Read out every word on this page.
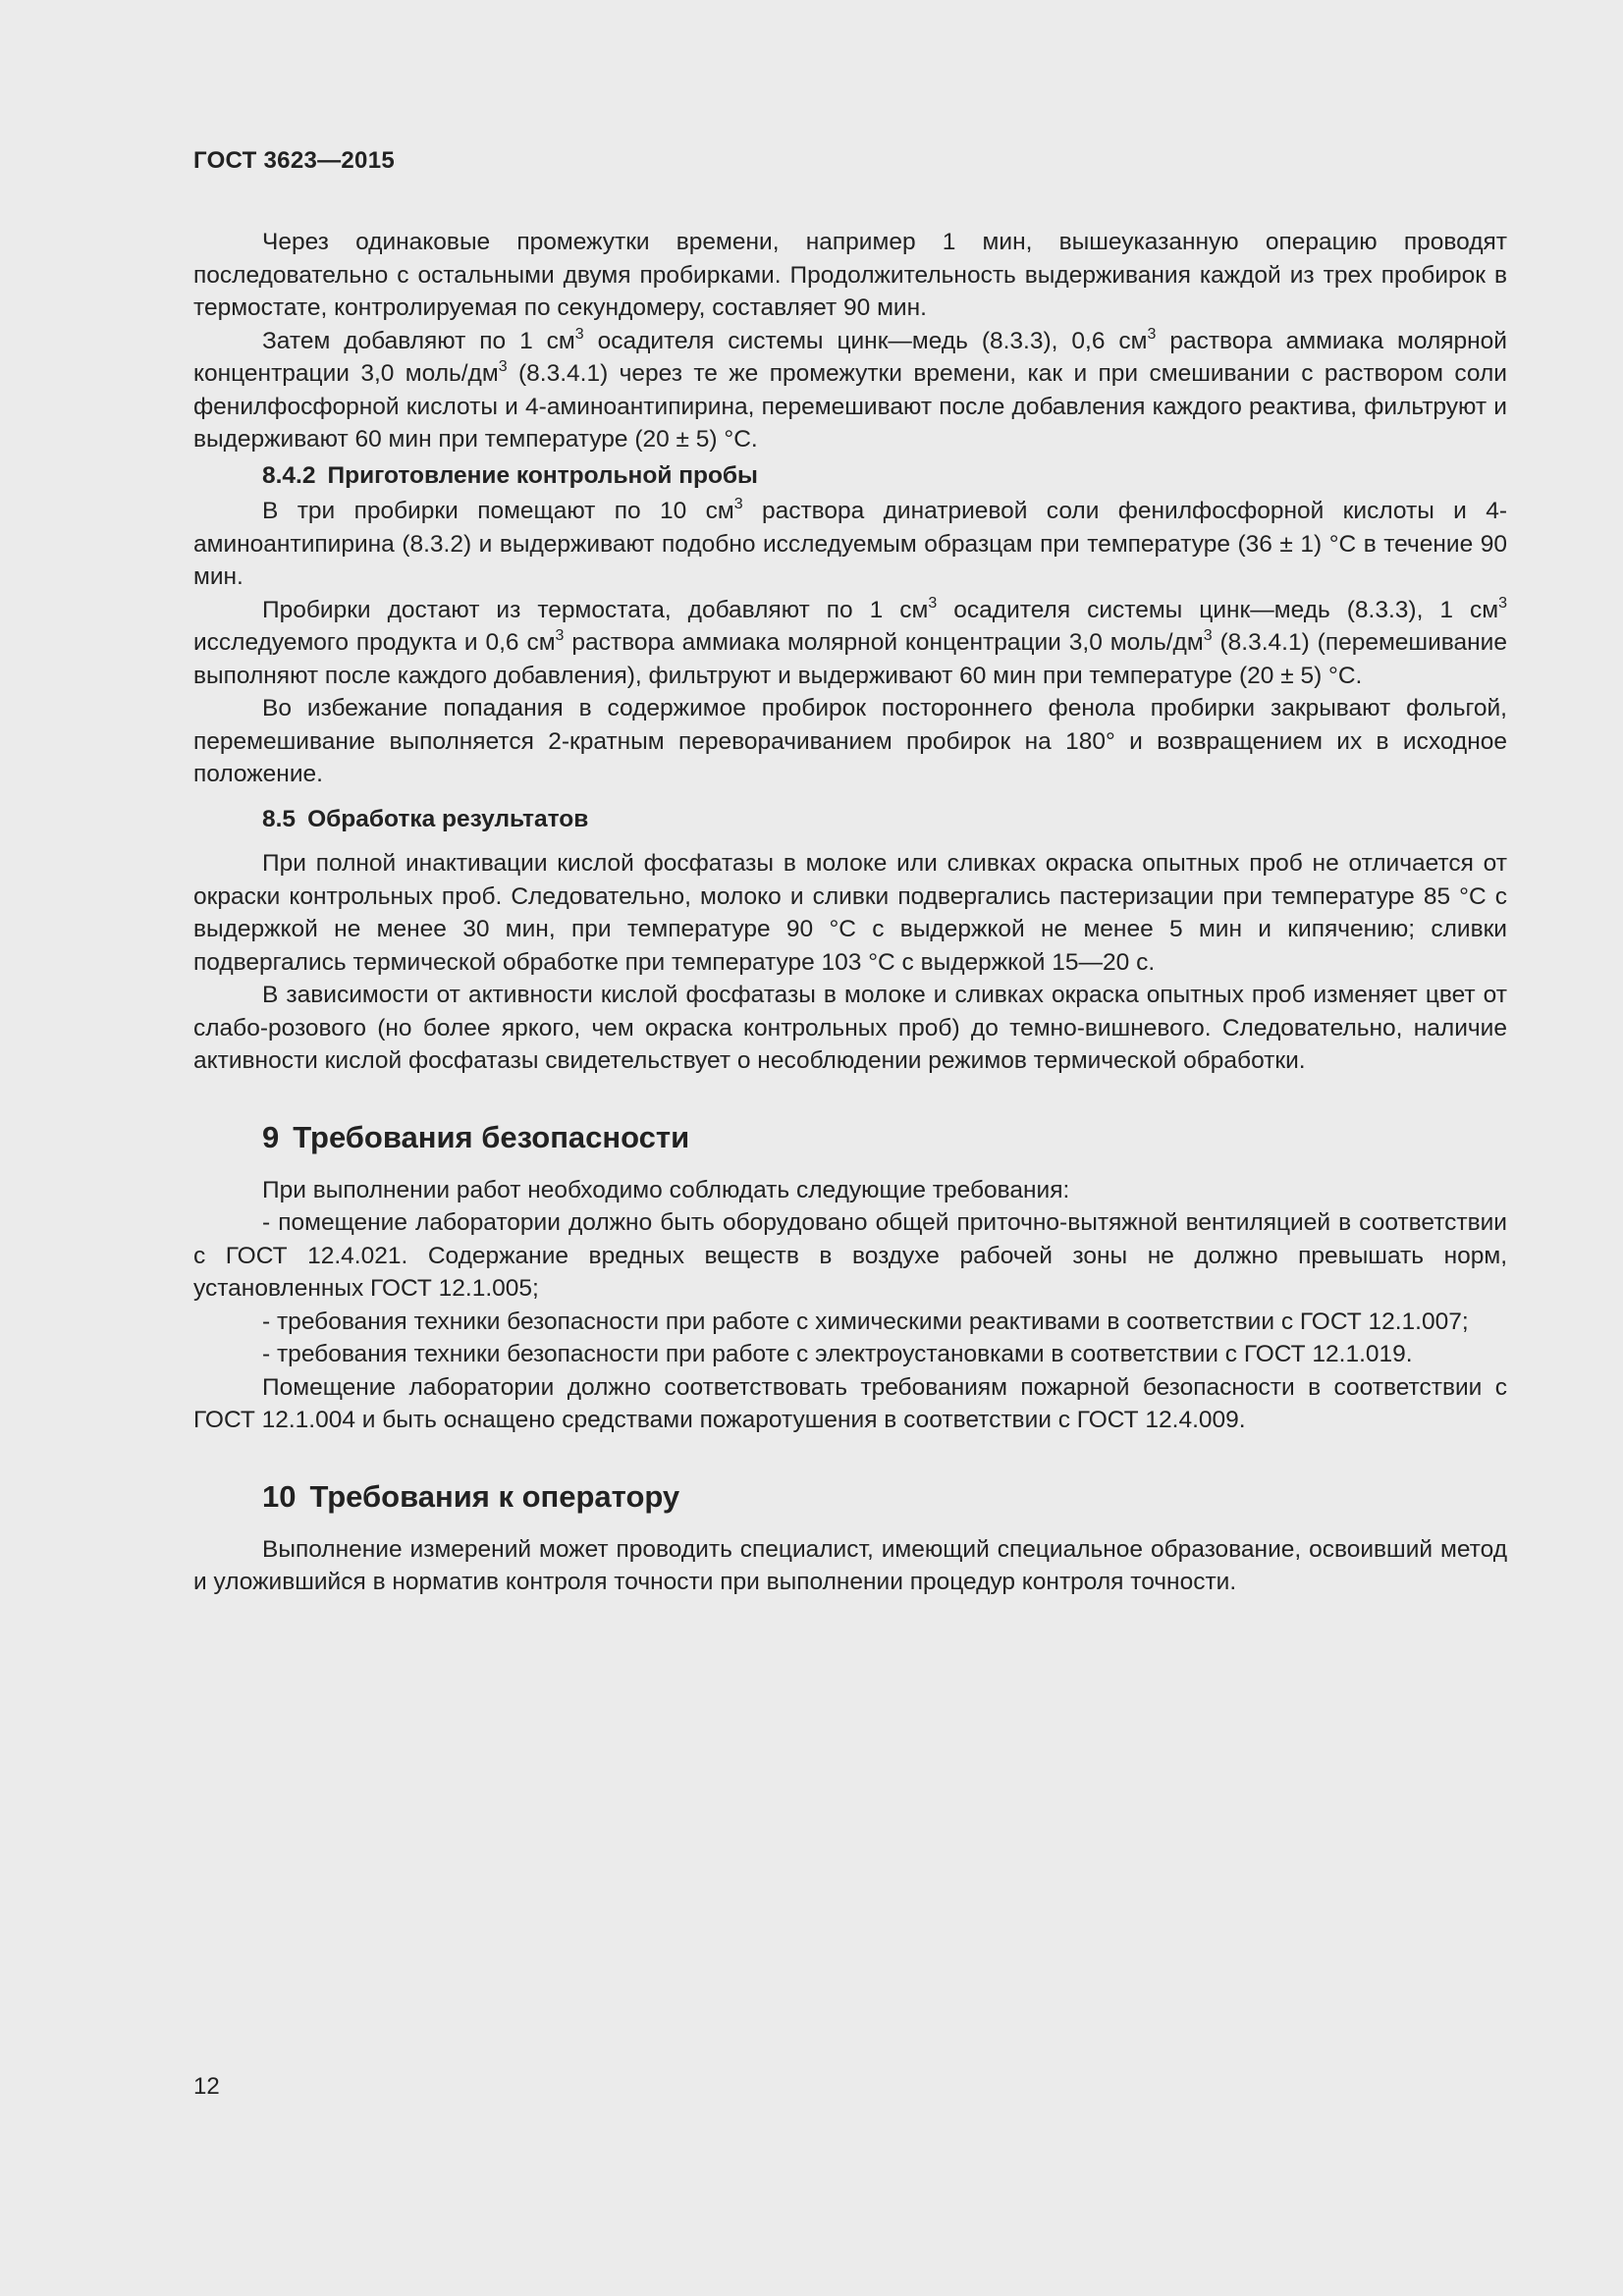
ГОСТ 3623—2015

Через одинаковые промежутки времени, например 1 мин, вышеуказанную операцию проводят последовательно с остальными двумя пробирками. Продолжительность выдерживания каждой из трех пробирок в термостате, контролируемая по секундомеру, составляет 90 мин.

Затем добавляют по 1 $см^3$ осадителя системы цинк—медь (8.3.3), 0,6 $см^3$ раствора аммиака молярной концентрации 3,0 моль/$дм^3$ (8.3.4.1) через те же промежутки времени, как и при смешивании с раствором соли фенилфосфорной кислоты и 4-аминоантипирина, перемешивают после добавления каждого реактива, фильтруют и выдерживают 60 мин при температуре (20 ± 5) °С.

8.4.2 Приготовление контрольной пробы

В три пробирки помещают по 10 $см^3$ раствора динатриевой соли фенилфосфорной кислоты и 4-аминоантипирина (8.3.2) и выдерживают подобно исследуемым образцам при температуре (36 ± 1) °С в течение 90 мин.

Пробирки достают из термостата, добавляют по 1 $см^3$ осадителя системы цинк—медь (8.3.3), 1 $см^3$ исследуемого продукта и 0,6 $см^3$ раствора аммиака молярной концентрации 3,0 моль/$дм^3$ (8.3.4.1) (перемешивание выполняют после каждого добавления), фильтруют и выдерживают 60 мин при температуре (20 ± 5) °С.

Во избежание попадания в содержимое пробирок постороннего фенола пробирки закрывают фольгой, перемешивание выполняется 2-кратным переворачиванием пробирок на 180° и возвращением их в исходное положение.

8.5 Обработка результатов

При полной инактивации кислой фосфатазы в молоке или сливках окраска опытных проб не отличается от окраски контрольных проб. Следовательно, молоко и сливки подвергались пастеризации при температуре 85 °С с выдержкой не менее 30 мин, при температуре 90 °С с выдержкой не менее 5 мин и кипячению; сливки подвергались термической обработке при температуре 103 °С с выдержкой 15—20 с.

В зависимости от активности кислой фосфатазы в молоке и сливках окраска опытных проб изменяет цвет от слабо-розового (но более яркого, чем окраска контрольных проб) до темно-вишневого. Следовательно, наличие активности кислой фосфатазы свидетельствует о несоблюдении режимов термической обработки.

9 Требования безопасности

При выполнении работ необходимо соблюдать следующие требования:

- помещение лаборатории должно быть оборудовано общей приточно-вытяжной вентиляцией в соответствии с ГОСТ 12.4.021. Содержание вредных веществ в воздухе рабочей зоны не должно превышать норм, установленных ГОСТ 12.1.005;

- требования техники безопасности при работе с химическими реактивами в соответствии с ГОСТ 12.1.007;

- требования техники безопасности при работе с электроустановками в соответствии с ГОСТ 12.1.019.

Помещение лаборатории должно соответствовать требованиям пожарной безопасности в соответствии с ГОСТ 12.1.004 и быть оснащено средствами пожаротушения в соответствии с ГОСТ 12.4.009.

10 Требования к оператору

Выполнение измерений может проводить специалист, имеющий специальное образование, освоивший метод и уложившийся в норматив контроля точности при выполнении процедур контроля точности.

12
